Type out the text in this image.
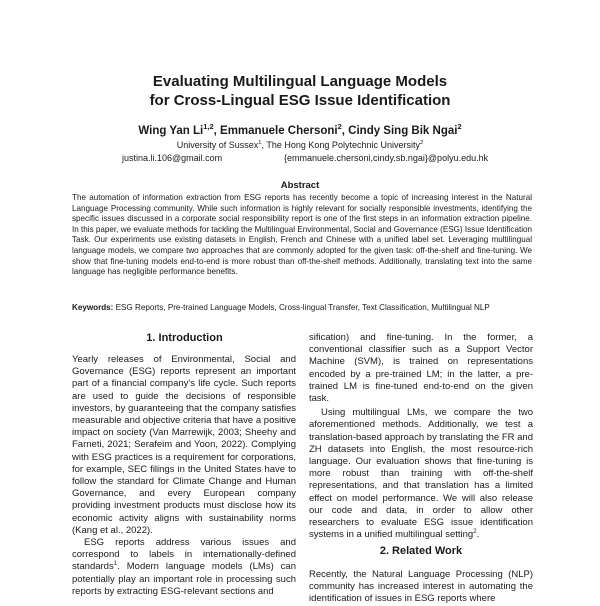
Evaluating Multilingual Language Models
for Cross-Lingual ESG Issue Identification
Wing Yan Li$^{1,2}$, Emmanuele Chersoni$^2$, Cindy Sing Bik Ngai$^2$
University of Sussex$^1$, The Hong Kong Polytechnic University$^2$
justina.li.106@gmail.com	{emmanuele.chersoni,cindy.sb.ngai}@polyu.edu.hk
Abstract
The automation of information extraction from ESG reports has recently become a topic of increasing interest in the Natural Language Processing community. While such information is highly relevant for socially responsible investments, identifying the specific issues discussed in a corporate social responsibility report is one of the first steps in an information extraction pipeline. In this paper, we evaluate methods for tackling the Multilingual Environmental, Social and Governance (ESG) Issue Identification Task. Our experiments use existing datasets in English, French and Chinese with a unified label set. Leveraging multilingual language models, we compare two approaches that are commonly adopted for the given task: off-the-shelf and fine-tuning. We show that fine-tuning models end-to-end is more robust than off-the-shelf methods. Additionally, translating text into the same language has negligible performance benefits.
Keywords: ESG Reports, Pre-trained Language Models, Cross-lingual Transfer, Text Classification, Multilingual NLP
1. Introduction

Yearly releases of Environmental, Social and Governance (ESG) reports represent an important part of a financial company's life cycle. Such reports are used to guide the decisions of responsible investors, by guaranteeing that the company satisfies measurable and objective criteria that have a positive impact on society (Van Marrewijk, 2003; Sheehy and Farneti, 2021; Serafeim and Yoon, 2022). Complying with ESG practices is a requirement for corporations, for example, SEC filings in the United States have to follow the standard for Climate Change and Human Governance, and every European company providing investment products must disclose how its economic activity aligns with sustainability norms (Kang et al., 2022).

ESG reports address various issues and correspond to labels in internationally-defined standards$^1$. Modern language models (LMs) can potentially play an important role in processing such reports by extracting ESG-relevant sections and

sification) and fine-tuning. In the former, a conventional classifier such as a Support Vector Machine (SVM), is trained on representations encoded by a pre-trained LM; in the latter, a pre-trained LM is fine-tuned end-to-end on the given task.

Using multilingual LMs, we compare the two aforementioned methods. Additionally, we test a translation-based approach by translating the FR and ZH datasets into English, the most resource-rich language. Our evaluation shows that fine-tuning is more robust than training with off-the-shelf representations, and that translation has a limited effect on model performance. We will also release our code and data, in order to allow other researchers to evaluate ESG issue identification systems in a unified multilingual setting$^2$.

2. Related Work

Recently, the Natural Language Processing (NLP) community has increased interest in automating the identification of issues in ESG reports where
